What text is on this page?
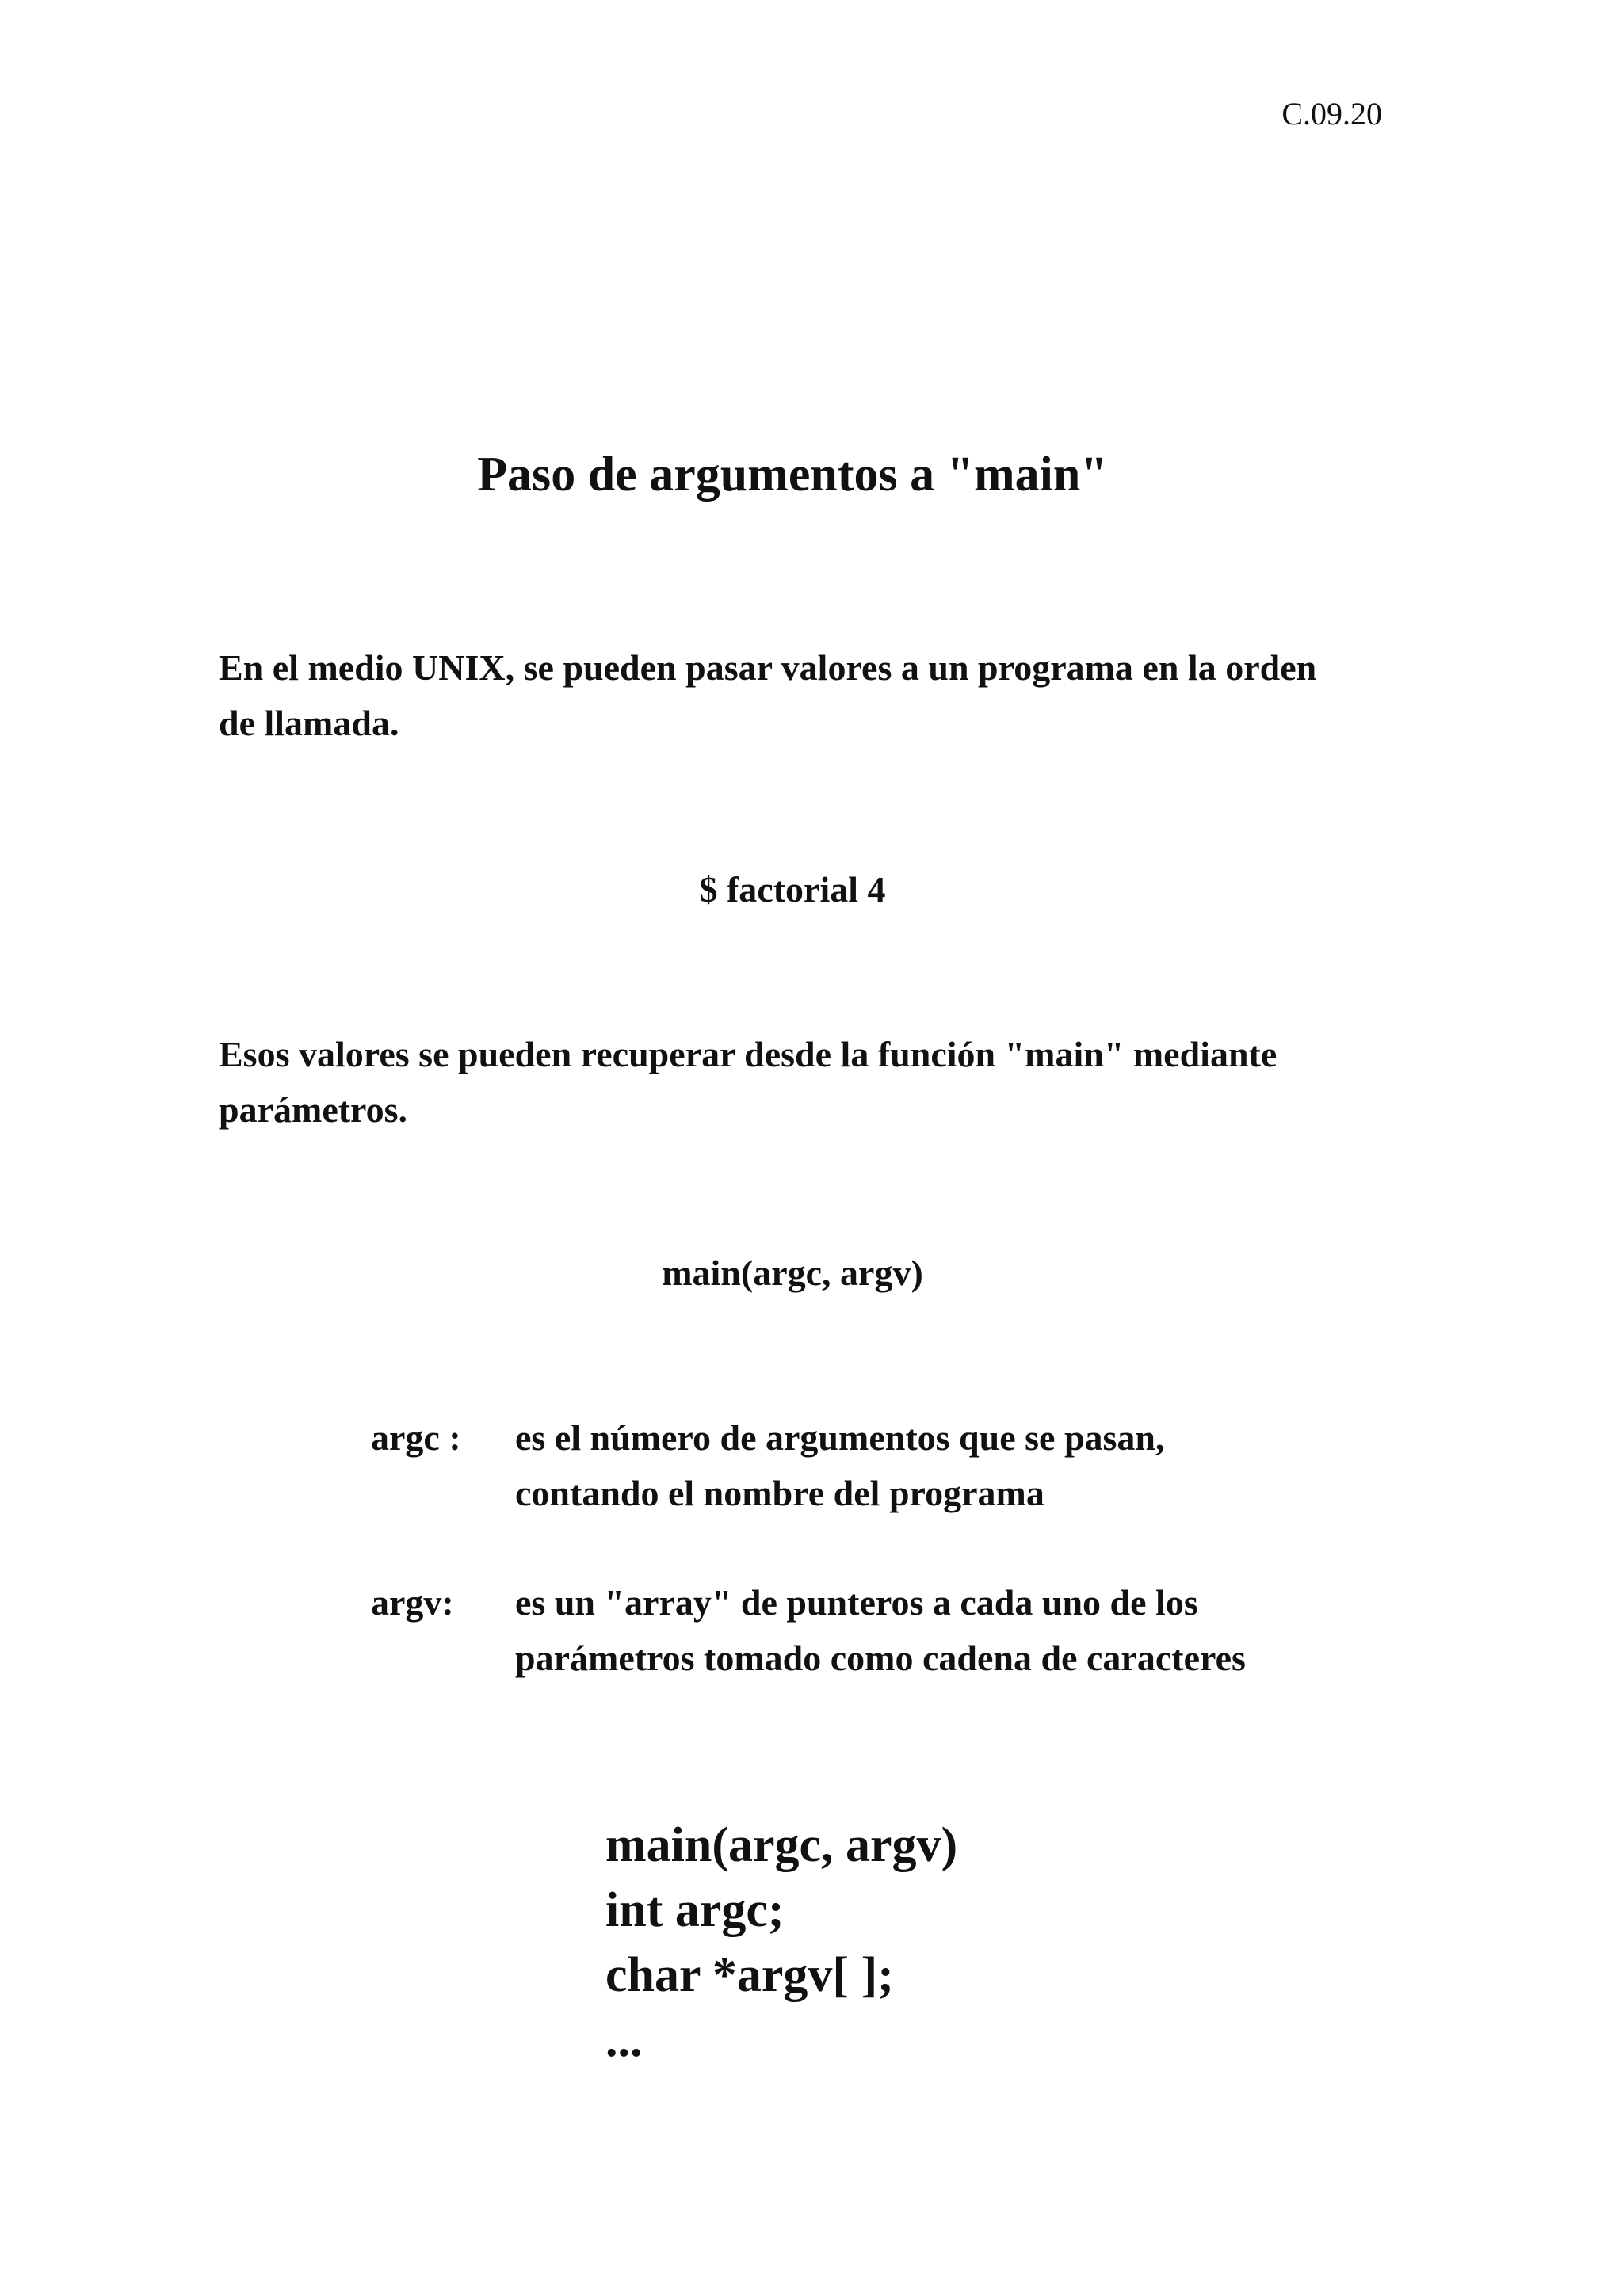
C.09.20
Paso de argumentos a "main"
En el medio UNIX, se pueden pasar valores a un programa en la orden
de llamada.
$ factorial 4
Esos valores se pueden recuperar desde la función "main" mediante
parámetros.
main(argc, argv)
argc :	es el número de argumentos que se pasan,
contando el nombre del programa
argv:	es un "array" de punteros a cada uno de los
parámetros tomado como cadena de caracteres
main(argc, argv)
int argc;
char *argv[ ];
...
